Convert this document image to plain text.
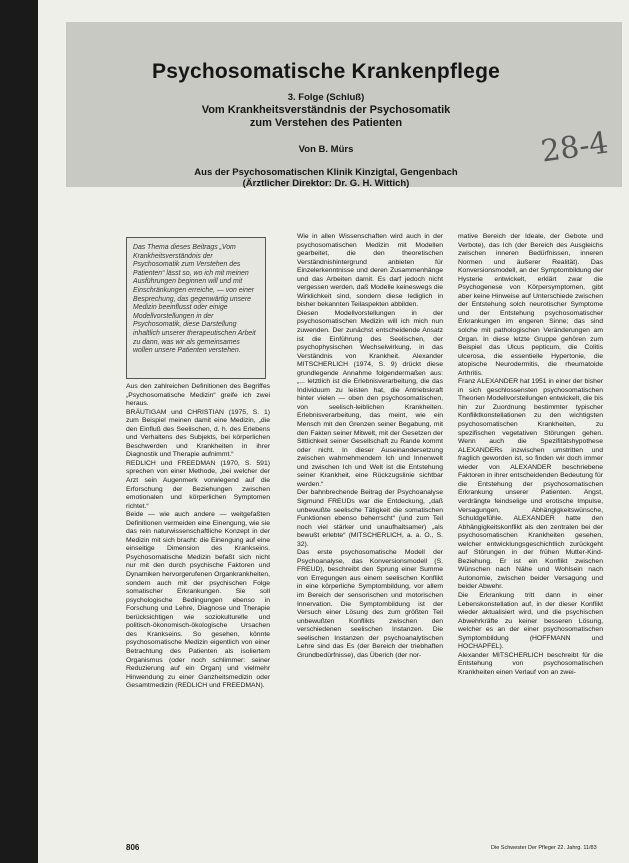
Psychosomatische Krankenpflege
3. Folge (Schluß)
Vom Krankheitsverständnis der Psychosomatik
zum Verstehen des Patienten
Von B. Mürs
Aus der Psychosomatischen Klinik Kinzigtal, Gengenbach
(Ärztlicher Direktor: Dr. G. H. Wittich)
28-4
Das Thema dieses Beitrags „Vom Krankheitsverständnis der Psychosomatik zum Verstehen des Patienten“ lässt so, wo ich mit meinen Ausführungen beginnen will und mit Einschränkungen erreiche, — von einer Besprechung, das gegenwärtig unsere Medizin beeinflusst oder einige Modellvorstellungen in der Psychosomatik, diese Darstellung inhaltlich unserer therapeutischen Arbeit zu dann, was wir als gemeinsames wollen unsere Patienten verstehen.

Aus den zahlreichen Definitionen des Begriffes „Psychosomatische Medizin“ greife ich zwei heraus.

BRÄUTIGAM und CHRISTIAN (1975, S. 1) zum Beispiel meinen damit eine Medizin, „die den Einfluß des Seelischen, d. h. des Erlebens und Verhaltens des Subjekts, bei körperlichen Beschwerden und Krankheiten in ihrer Diagnostik und Therapie aufnimmt.“

REDLICH und FREEDMAN (1970, S. 591) sprechen von einer Methode, „bei welcher der Arzt sein Augenmerk vorwiegend auf die Erforschung der Beziehungen zwischen emotionalen und körperlichen Symptomen richtet.“

Beide — wie auch andere — weitgefaßten Definitionen vermeiden eine Einengung, wie sie das rein naturwissenschaftliche Konzept in der Medizin mit sich bracht: die Einengung auf eine einseitige Dimension des Krankseins. Psychosomatische Medizin befaßt sich nicht nur mit den durch psychische Faktoren und Dynamiken hervorgerufenen Organkrankheiten, sondern auch mit der psychischen Folge somatischer Erkrankungen. Sie soll psychologische Bedingungen ebenso in Forschung und Lehre, Diagnose und Therapie berücksichtigen wie soziokulturelle und politisch-ökonomisch-ökologische Ursachen des Krankseins. So gesehen, könnte psychosomatische Medizin eigentlich von einer Betrachtung des Patienten als isoliertem Organismus (oder noch schlimmer: seiner Reduzierung auf ein Organ) und vielmehr Hinwendung zu einer Ganzheitsmedizin oder Gesamtmedizin (REDLICH und FREEDMAN).

Wie in allen Wissenschaften wird auch in der psychosomatischen Medizin mit Modellen gearbeitet, die den theoretischen Verständnishintergrund anbieten für Einzelerkenntnisse und deren Zusammenhänge und das Arbeiten damit. Es darf jedoch nicht vergessen werden, daß Modelle keineswegs die Wirklichkeit sind, sondern diese lediglich in bisher bekannten Teilaspekten abbilden.

Diesen Modellvorstellungen in der psychosomatischen Medizin will ich mich nun zuwenden. Der zunächst entscheidende Ansatz ist die Einführung des Seelischen, der psychophysischen Wechselwirkung, in das Verständnis von Krankheit. Alexander MITSCHERLICH (1974, S. 9) drückt diese grundlegende Annahme folgendermaßen aus: „... letztlich ist die Erlebnisverarbeitung, die das Individuum zu leisten hat, die Antriebskraft hinter vielen — oben den psychosomatischen, von seelisch-leiblichen Krankheiten. Erlebnisverarbeitung, das meint, wie ein Mensch mit den Grenzen seiner Begabung, mit den Fakten seiner Mitwelt, mit der Gesetzen der Sittlichkeit seiner Gesellschaft zu Rande kommt oder nicht. In dieser Auseinandersetzung zwischen wahrnehmendem Ich und Innenwelt und zwischen Ich und Welt ist die Entstehung seiner Krankheit, eine Rückzugslinie sichtbar werden.“

Der bahnbrechende Beitrag der Psychoanalyse Sigmund FREUDs war die Entdeckung, „daß unbewußte seelische Tätigkeit die somatischen Funktionen ebenso beherrscht“ (und zum Teil noch viel stärker und unaufhaltsamer) „als bewußt erlebte“ (MITSCHERLICH, a. a. O., S. 32).

Das erste psychosomatische Modell der Psychoanalyse, das Konversionsmodell (S. FREUD), beschreibt den Sprung einer Summe von Erregungen aus einem seelischen Konflikt in eine körperliche Symptombildung, vor allem im Bereich der sensorischen und motorischen Innervation. Die Symptombildung ist der Versuch einer Lösung des zum größten Teil unbewußten Konflikts zwischen den verschiedenen seelischen Instanzen. Die seelischen Instanzen der psychoanalytischen Lehre sind das Es (der Bereich der triebhaften Grundbedürfnisse), das Überich (der nor-

mative Bereich der Ideale, der Gebote und Verbote), das Ich (der Bereich des Ausgleichs zwischen inneren Bedürfnissen, inneren Normen und äußerer Realität). Das Konversionsmodell, an der Symptombildung der Hysterie entwickelt, erklärt zwar die Psychogenese von Körpersymptomen, gibt aber keine Hinweise auf Unterschiede zwischen der Entstehung solch neurotischer Symptome und der Entstehung psychosomatischer Erkrankungen im engeren Sinne; das sind solche mit pathologischen Veränderungen am Organ. In diese letzte Gruppe gehören zum Beispiel das Ulcus pepticum, die Colitis ulcerosa, die essentielle Hypertonie, die atopische Neurodermitis, die rheumatoide Arthritis.

Franz ALEXANDER hat 1951 in einer der bisher in sich geschlossensten psychosomatischen Theorien Modellvorstellungen entwickelt, die bis hin zur Zuordnung bestimmter typischer Konfliktkonstellationen zu den wichtigsten psychosomatischen Krankheiten, zu spezifischen vegetativen Störungen gehen. Wenn auch die Spezifitätshypothese ALEXANDERs inzwischen umstritten und fraglich geworden ist, so finden wir doch immer wieder von ALEXANDER beschriebene Faktoren in ihrer entscheidenden Bedeutung für die Entstehung der psychosomatischen Erkrankung unserer Patienten. Angst, verdrängte feindselige und erotische Impulse, Versagungen, Abhängigkeitswünsche, Schuldgefühle. ALEXANDER hatte den Abhängigkeitskonflikt als den zentralen bei der psychosomatischen Krankheiten gesehen, welcher entwicklungsgeschichtlich zurückgeht auf Störungen in der frühen Mutter-Kind-Beziehung. Er ist ein Konflikt zwischen Wünschen nach Nähe und Wohlsein nach Autonomie, zwischen beider Versagung und beider Abwehr.

Die Erkrankung tritt dann in einer Lebenskonstellation auf, in der dieser Konflikt wieder aktualisiert wird, und die psychischen Abwehrkräfte zu keiner besseren Lösung, welcher es an der einer psychosomatischen Symptombildung (HOFFMANN und HOCHAPFEL).

Alexander MITSCHERLICH beschreibt für die Entstehung von psychosomatischen Krankheiten einen Verlauf von an zwei-

806	Die Schwester Der Pfleger 22. Jahrg. 11/83
